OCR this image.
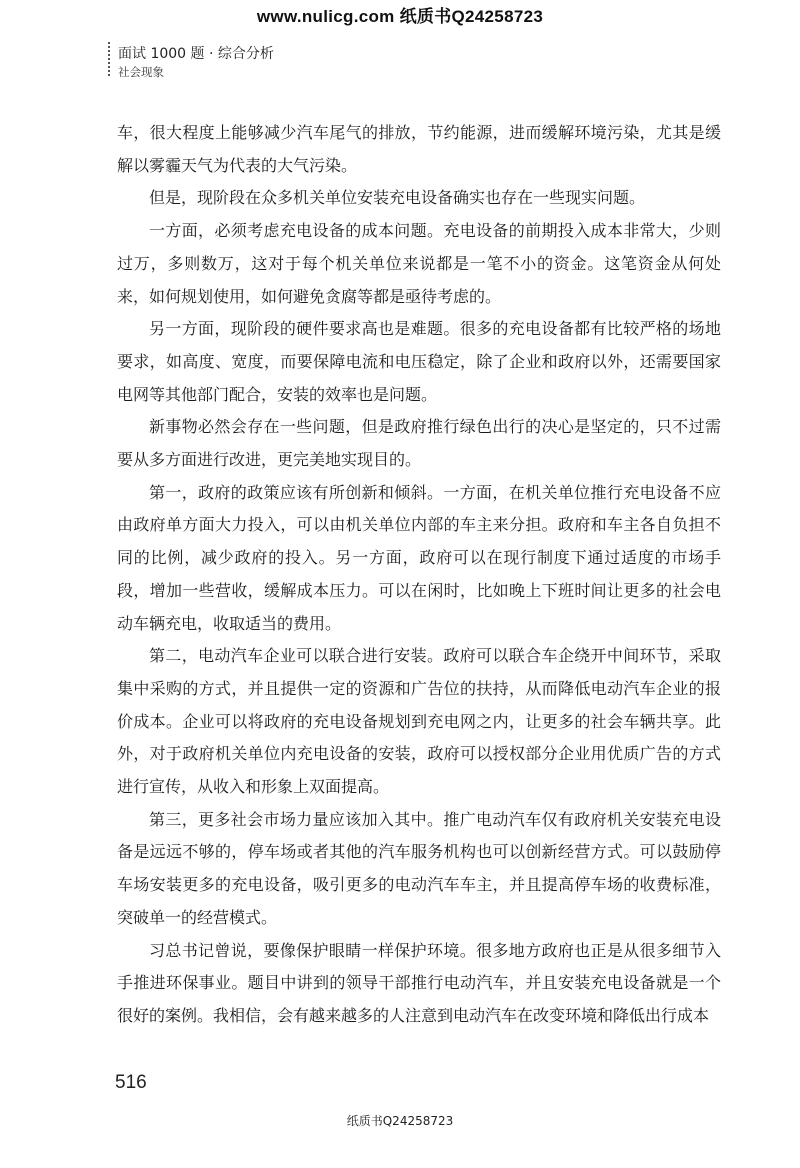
www.nulicg.com 纸质书Q24258723
面试 1000 题 · 综合分析
社会现象

车，很大程度上能够减少汽车尾气的排放，节约能源，进而缓解环境污染，尤其是缓解以雾霾天气为代表的大气污染。

但是，现阶段在众多机关单位安装充电设备确实也存在一些现实问题。

一方面，必须考虑充电设备的成本问题。充电设备的前期投入成本非常大，少则过万，多则数万，这对于每个机关单位来说都是一笔不小的资金。这笔资金从何处来，如何规划使用，如何避免贪腐等都是亟待考虑的。

另一方面，现阶段的硬件要求高也是难题。很多的充电设备都有比较严格的场地要求，如高度、宽度，而要保障电流和电压稳定，除了企业和政府以外，还需要国家电网等其他部门配合，安装的效率也是问题。

新事物必然会存在一些问题，但是政府推行绿色出行的决心是坚定的，只不过需要从多方面进行改进，更完美地实现目的。

第一，政府的政策应该有所创新和倾斜。一方面，在机关单位推行充电设备不应由政府单方面大力投入，可以由机关单位内部的车主来分担。政府和车主各自负担不同的比例，减少政府的投入。另一方面，政府可以在现行制度下通过适度的市场手段，增加一些营收，缓解成本压力。可以在闲时，比如晚上下班时间让更多的社会电动车辆充电，收取适当的费用。

第二，电动汽车企业可以联合进行安装。政府可以联合车企绕开中间环节，采取集中采购的方式，并且提供一定的资源和广告位的扶持，从而降低电动汽车企业的报价成本。企业可以将政府的充电设备规划到充电网之内，让更多的社会车辆共享。此外，对于政府机关单位内充电设备的安装，政府可以授权部分企业用优质广告的方式进行宣传，从收入和形象上双面提高。

第三，更多社会市场力量应该加入其中。推广电动汽车仅有政府机关安装充电设备是远远不够的，停车场或者其他的汽车服务机构也可以创新经营方式。可以鼓励停车场安装更多的充电设备，吸引更多的电动汽车车主，并且提高停车场的收费标准，突破单一的经营模式。

习总书记曾说，要像保护眼睛一样保护环境。很多地方政府也正是从很多细节入手推进环保事业。题目中讲到的领导干部推行电动汽车，并且安装充电设备就是一个很好的案例。我相信，会有越来越多的人注意到电动汽车在改变环境和降低出行成本

516
纸质书Q24258723
